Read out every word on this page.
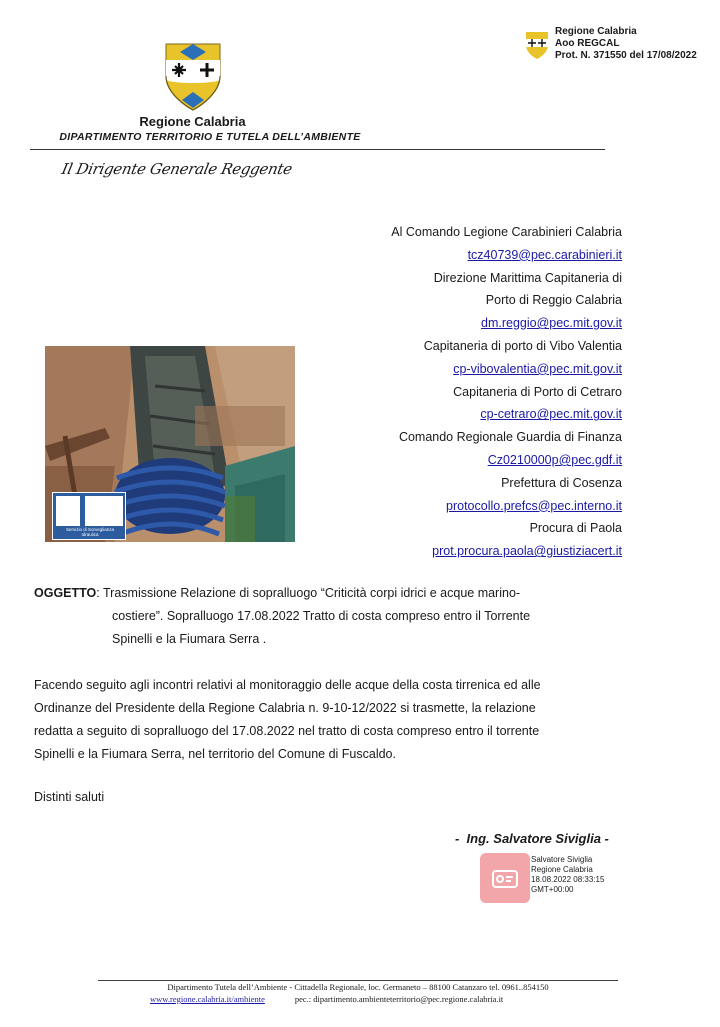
Regione Calabria
DIPARTIMENTO TERRITORIO E TUTELA DELL’AMBIENTE
Il Dirigente Generale Reggente
Regione Calabria
Aoo REGCAL
Prot. N. 371550 del 17/08/2022
Al Comando Legione Carabinieri Calabria
tcz40739@pec.carabinieri.it
Direzione Marittima Capitaneria di
Porto di Reggio Calabria
dm.reggio@pec.mit.gov.it
Capitaneria di porto di Vibo Valentia
cp-vibovalentia@pec.mit.gov.it
Capitaneria di Porto di Cetraro
cp-cetraro@pec.mit.gov.it
Comando Regionale Guardia di Finanza
Cz0210000p@pec.gdf.it
Prefettura di Cosenza
protocollo.prefcs@pec.interno.it
Procura di Paola
prot.procura.paola@giustiziacert.it
Servizio di Sorveglianza
Idraulica
OGGETTO: Trasmissione Relazione di sopralluogo “Criticità corpi idrici e acque marino-
costiere”. Sopralluogo 17.08.2022 Tratto di costa compreso entro il Torrente
Spinelli e la Fiumara Serra .
Facendo seguito agli incontri relativi al monitoraggio delle acque della costa tirrenica ed alle
Ordinanze del Presidente della Regione Calabria n. 9-10-12/2022 si trasmette, la relazione
redatta a seguito di sopralluogo del 17.08.2022 nel tratto di costa compreso entro il torrente
Spinelli e la Fiumara Serra, nel territorio del Comune di Fuscaldo.
Distinti saluti
-  Ing. Salvatore Siviglia -
Salvatore Siviglia
Regione Calabria
18.08.2022 08:33:15
GMT+00:00
Dipartimento Tutela dell’Ambiente - Cittadella Regionale, loc. Germaneto – 88100 Catanzaro tel. 0961..854150
www.regione.calabria.it/ambiente	pec.: dipartimento.ambienteterritorio@pec.regione.calabria.it
